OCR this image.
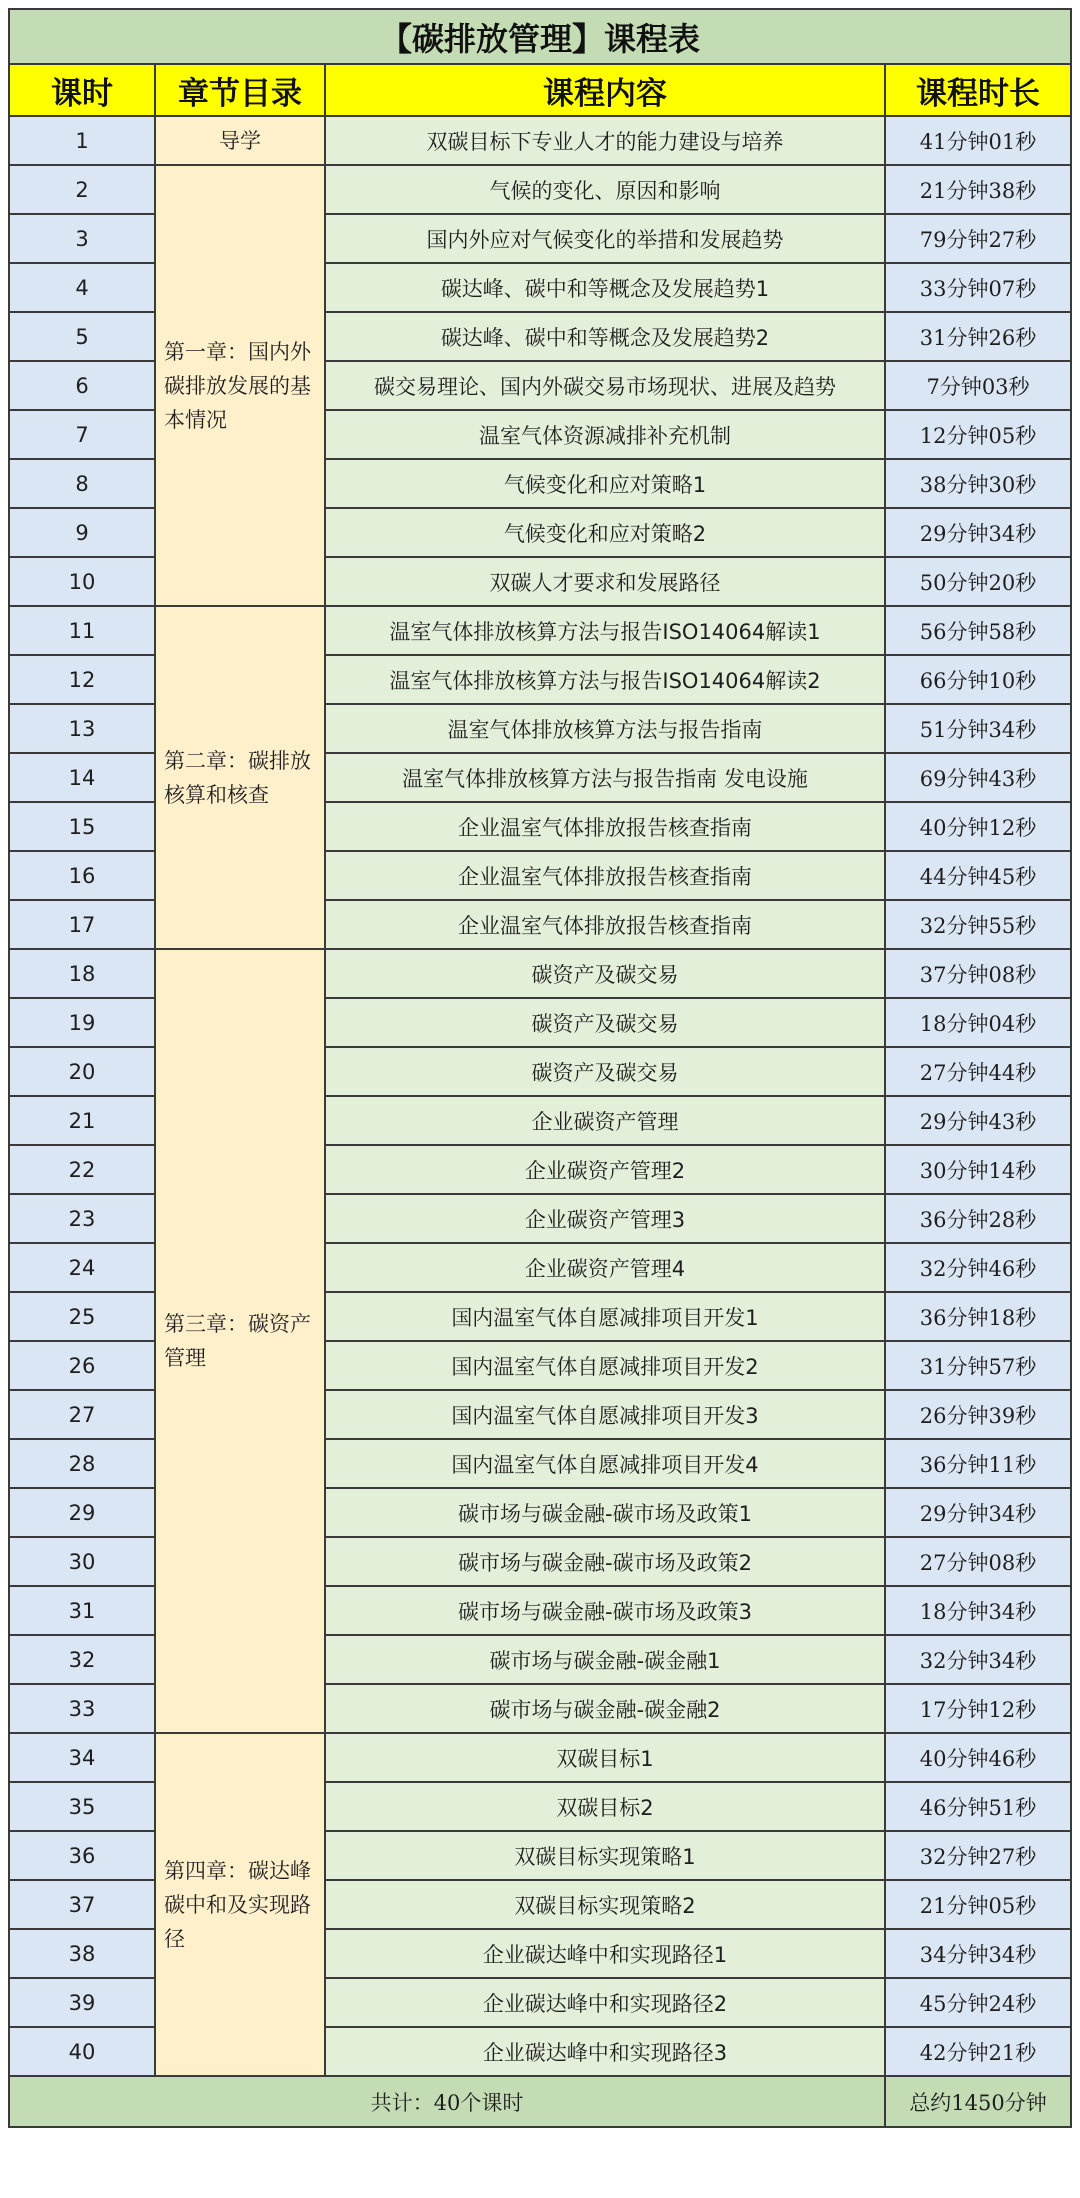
【碳排放管理】课程表			
课时	章节目录	课程内容	课程时长
1	导学	双碳目标下专业人才的能力建设与培养	41分钟01秒
2	第一章：国内外碳排放发展的基本情况	气候的变化、原因和影响	21分钟38秒
3		国内外应对气候变化的举措和发展趋势	79分钟27秒
4		碳达峰、碳中和等概念及发展趋势1	33分钟07秒
5		碳达峰、碳中和等概念及发展趋势2	31分钟26秒
6		碳交易理论、国内外碳交易市场现状、进展及趋势	7分钟03秒
7		温室气体资源减排补充机制	12分钟05秒
8		气候变化和应对策略1	38分钟30秒
9		气候变化和应对策略2	29分钟34秒
10		双碳人才要求和发展路径	50分钟20秒
11	第二章：碳排放核算和核查	温室气体排放核算方法与报告ISO14064解读1	56分钟58秒
12		温室气体排放核算方法与报告ISO14064解读2	66分钟10秒
13		温室气体排放核算方法与报告指南	51分钟34秒
14		温室气体排放核算方法与报告指南 发电设施	69分钟43秒
15		企业温室气体排放报告核查指南	40分钟12秒
16		企业温室气体排放报告核查指南	44分钟45秒
17		企业温室气体排放报告核查指南	32分钟55秒
18	第三章：碳资产管理	碳资产及碳交易	37分钟08秒
19		碳资产及碳交易	18分钟04秒
20		碳资产及碳交易	27分钟44秒
21		企业碳资产管理	29分钟43秒
22		企业碳资产管理2	30分钟14秒
23		企业碳资产管理3	36分钟28秒
24		企业碳资产管理4	32分钟46秒
25		国内温室气体自愿减排项目开发1	36分钟18秒
26		国内温室气体自愿减排项目开发2	31分钟57秒
27		国内温室气体自愿减排项目开发3	26分钟39秒
28		国内温室气体自愿减排项目开发4	36分钟11秒
29		碳市场与碳金融-碳市场及政策1	29分钟34秒
30		碳市场与碳金融-碳市场及政策2	27分钟08秒
31		碳市场与碳金融-碳市场及政策3	18分钟34秒
32		碳市场与碳金融-碳金融1	32分钟34秒
33		碳市场与碳金融-碳金融2	17分钟12秒
34	第四章：碳达峰碳中和及实现路径	双碳目标1	40分钟46秒
35		双碳目标2	46分钟51秒
36		双碳目标实现策略1	32分钟27秒
37		双碳目标实现策略2	21分钟05秒
38		企业碳达峰中和实现路径1	34分钟34秒
39		企业碳达峰中和实现路径2	45分钟24秒
40		企业碳达峰中和实现路径3	42分钟21秒
共计：40个课时			总约1450分钟
